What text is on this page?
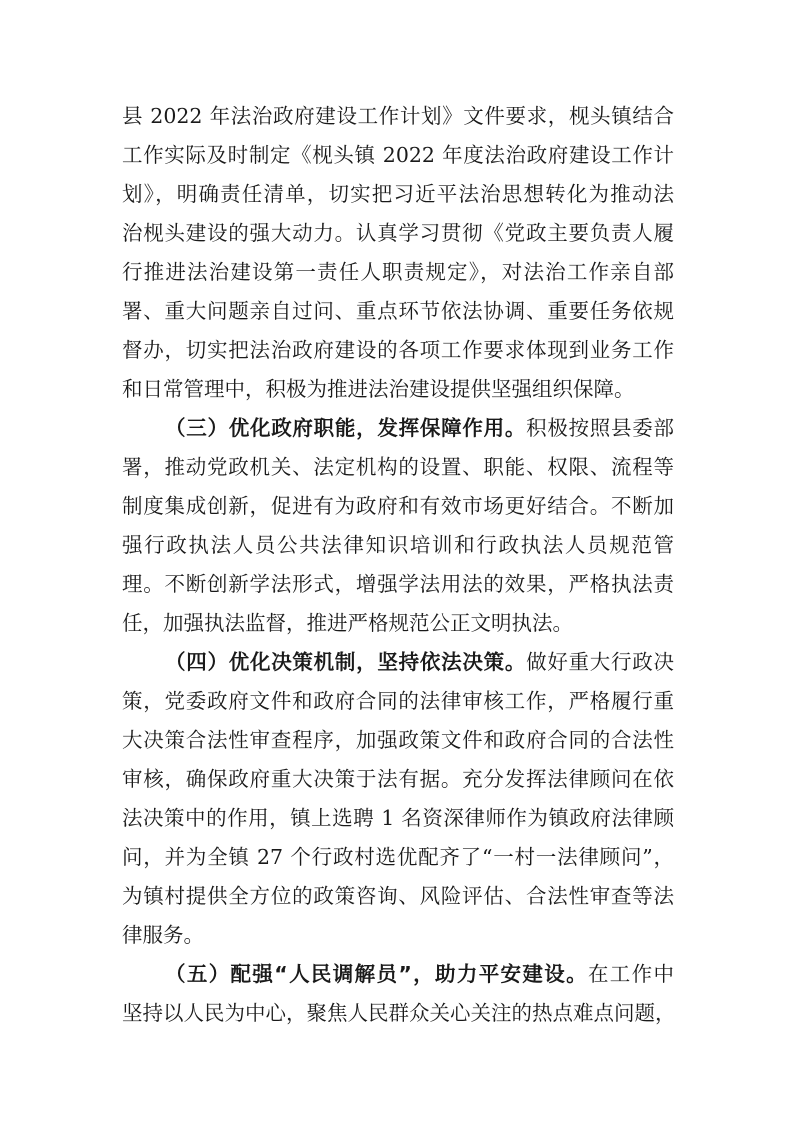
县 2022 年法治政府建设工作计划》文件要求，枧头镇结合
工作实际及时制定《枧头镇 2022 年度法治政府建设工作计
划》，明确责任清单，切实把习近平法治思想转化为推动法
治枧头建设的强大动力。认真学习贯彻《党政主要负责人履
行推进法治建设第一责任人职责规定》，对法治工作亲自部
署、重大问题亲自过问、重点环节依法协调、重要任务依规
督办，切实把法治政府建设的各项工作要求体现到业务工作
和日常管理中，积极为推进法治建设提供坚强组织保障。
（三）优化政府职能，发挥保障作用。积极按照县委部
署，推动党政机关、法定机构的设置、职能、权限、流程等
制度集成创新，促进有为政府和有效市场更好结合。不断加
强行政执法人员公共法律知识培训和行政执法人员规范管
理。不断创新学法形式，增强学法用法的效果，严格执法责
任，加强执法监督，推进严格规范公正文明执法。
（四）优化决策机制，坚持依法决策。做好重大行政决
策，党委政府文件和政府合同的法律审核工作，严格履行重
大决策合法性审查程序，加强政策文件和政府合同的合法性
审核，确保政府重大决策于法有据。充分发挥法律顾问在依
法决策中的作用，镇上选聘 1 名资深律师作为镇政府法律顾
问，并为全镇 27 个行政村选优配齐了“一村一法律顾问”，
为镇村提供全方位的政策咨询、风险评估、合法性审查等法
律服务。
（五）配强“人民调解员”，助力平安建设。在工作中
坚持以人民为中心，聚焦人民群众关心关注的热点难点问题，
